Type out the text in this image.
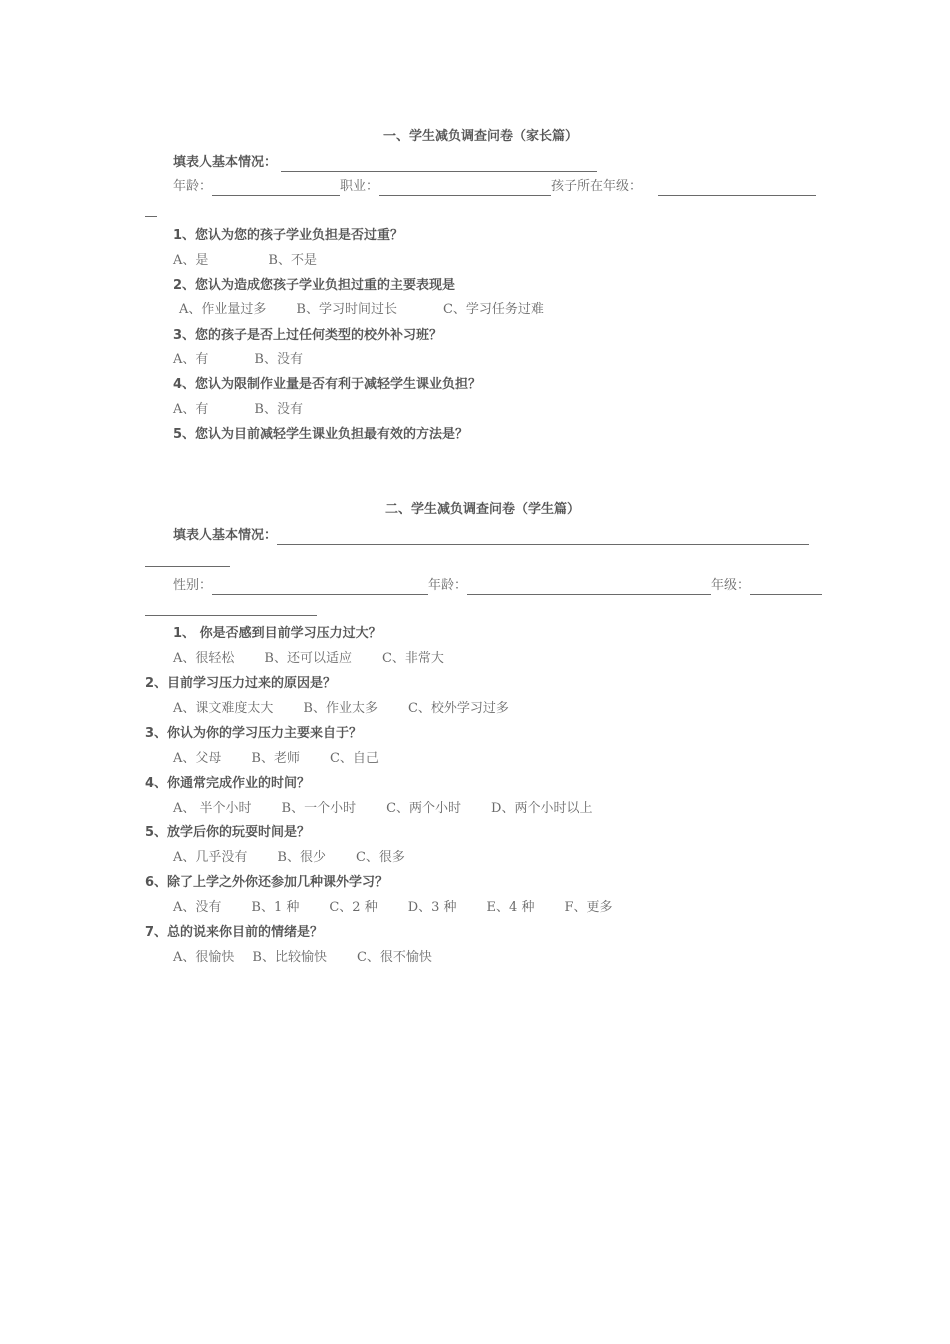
一、学生减负调查问卷（家长篇）
填表人基本情况：
年龄：	职业：	孩子所在年级：
1、您认为您的孩子学业负担是否过重？
A、是	B、不是
2、您认为造成您孩子学业负担过重的主要表现是
A、作业量过多 B、学习时间过长	C、学习任务过难
3、您的孩子是否上过任何类型的校外补习班？
A、有	B、没有
4、您认为限制作业量是否有利于减轻学生课业负担？
A、有	B、没有
5、您认为目前减轻学生课业负担最有效的方法是？
二、学生减负调查问卷（学生篇）
填表人基本情况：
性别：	年龄：	年级：
1、 你是否感到目前学习压力过大？
A、很轻松 B、还可以适应 C、非常大
2、目前学习压力过来的原因是？
A、课文难度太大 B、作业太多 C、校外学习过多
3、你认为你的学习压力主要来自于？
A、父母 B、老师 C、自己
4、你通常完成作业的时间？
A、 半个小时 B、一个小时 C、两个小时 D、两个小时以上
5、放学后你的玩耍时间是？
A、几乎没有 B、很少 C、很多
6、除了上学之外你还参加几种课外学习？
A、没有 B、1 种 C、2 种 D、3 种 E、4 种 F、更多
7、总的说来你目前的情绪是？
A、很愉快 B、比较愉快 C、很不愉快
